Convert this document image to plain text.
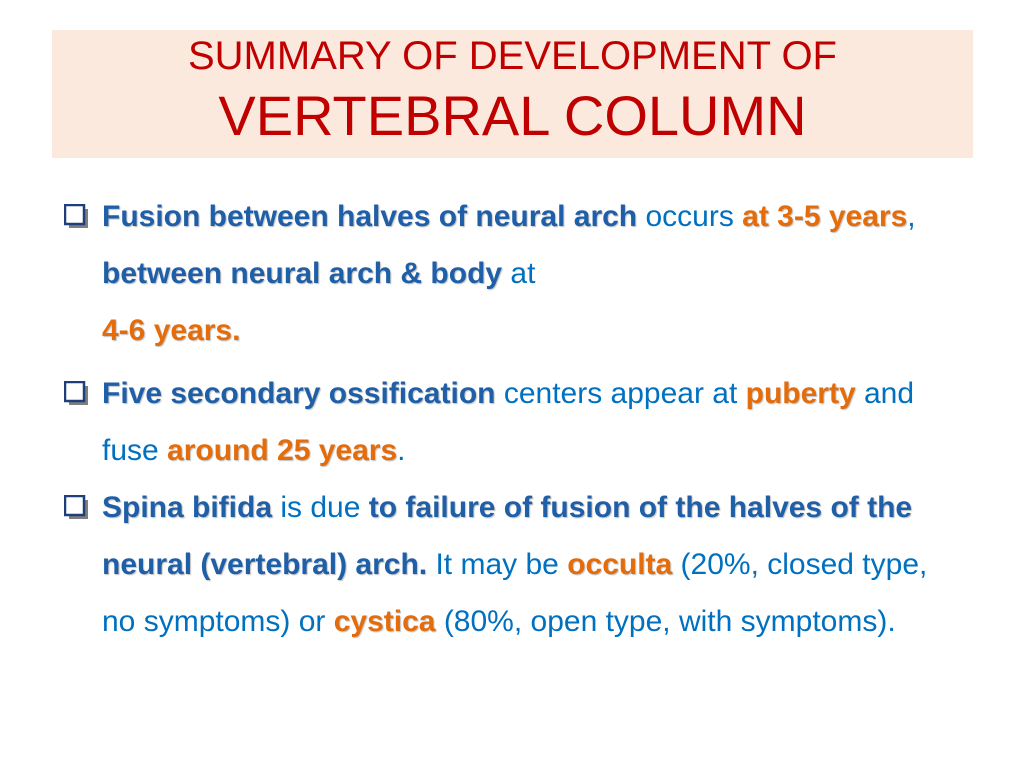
SUMMARY OF DEVELOPMENT OF
VERTEBRAL COLUMN
Fusion between halves of neural arch occurs at 3-5 years, between neural arch & body at
4-6 years.
Five secondary ossification centers appear at puberty and fuse around 25 years.
Spina bifida is due to failure of fusion of the halves of the neural (vertebral) arch. It may be occulta (20%, closed type, no symptoms) or cystica (80%, open type, with symptoms).
